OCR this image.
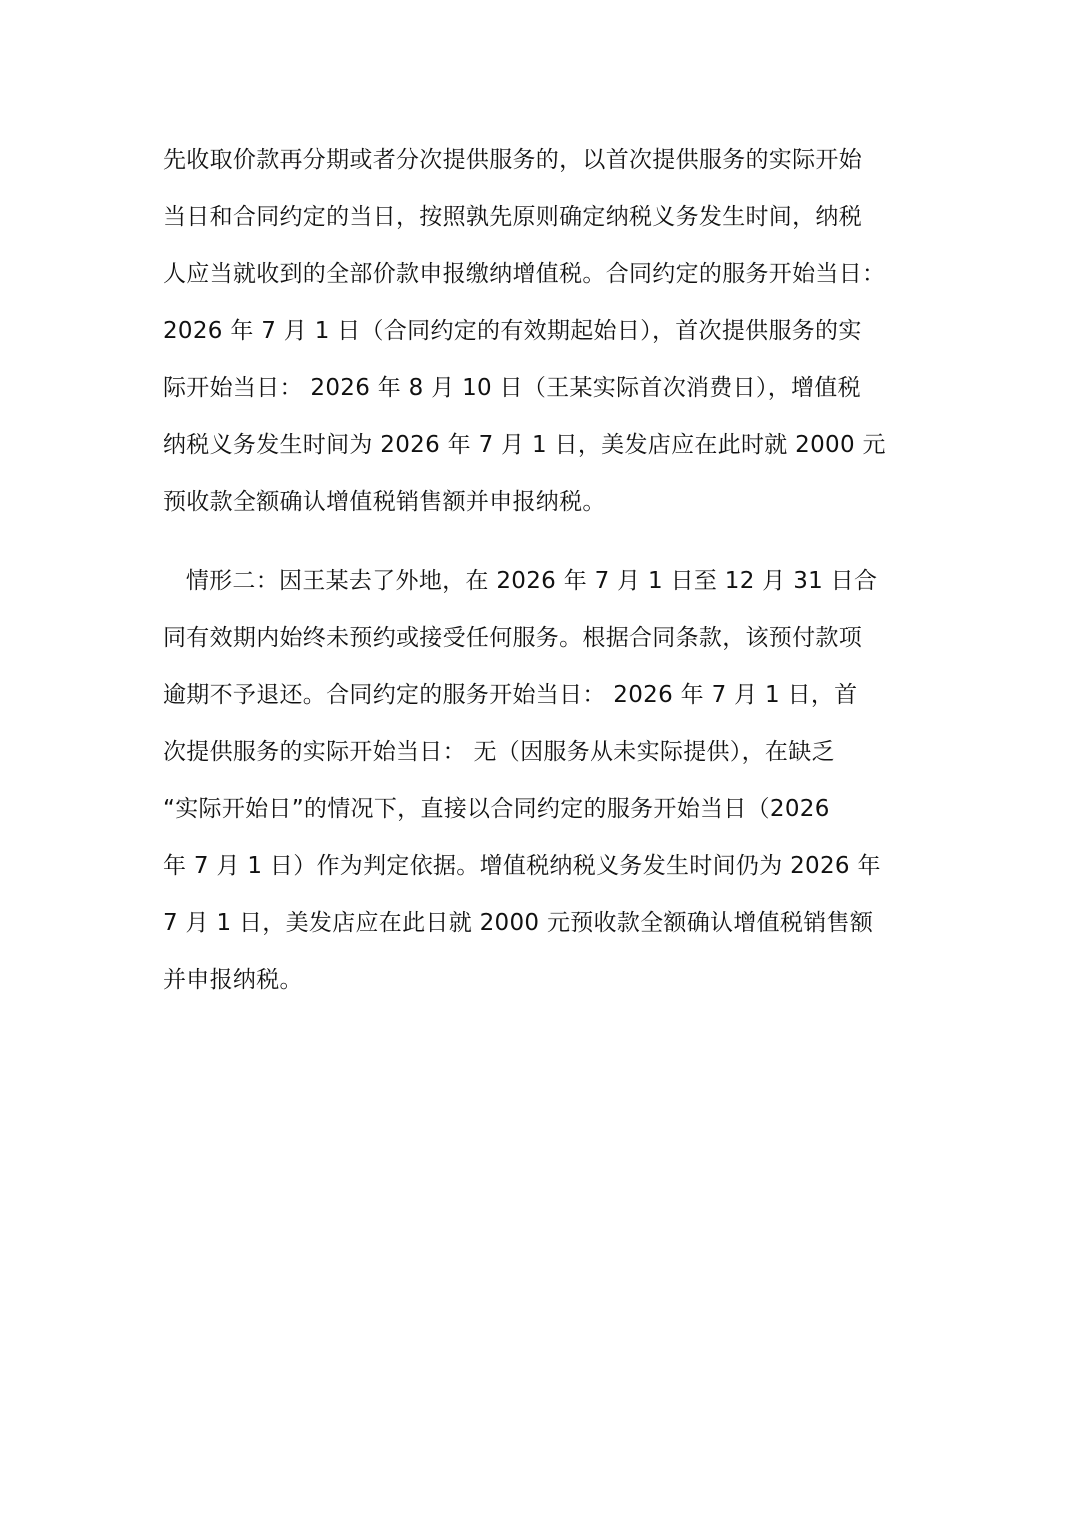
先收取价款再分期或者分次提供服务的，以首次提供服务的实际开始
当日和合同约定的当日，按照孰先原则确定纳税义务发生时间，纳税
人应当就收到的全部价款申报缴纳增值税。合同约定的服务开始当日：
2026 年 7 月 1 日（合同约定的有效期起始日），首次提供服务的实
际开始当日： 2026 年 8 月 10 日（王某实际首次消费日），增值税
纳税义务发生时间为 2026 年 7 月 1 日，美发店应在此时就 2000 元
预收款全额确认增值税销售额并申报纳税。
情形二：因王某去了外地，在 2026 年 7 月 1 日至 12 月 31 日合
同有效期内始终未预约或接受任何服务。根据合同条款，该预付款项
逾期不予退还。合同约定的服务开始当日： 2026 年 7 月 1 日，首
次提供服务的实际开始当日： 无（因服务从未实际提供），在缺乏
“实际开始日”的情况下，直接以合同约定的服务开始当日（2026
年 7 月 1 日）作为判定依据。增值税纳税义务发生时间仍为 2026 年
7 月 1 日，美发店应在此日就 2000 元预收款全额确认增值税销售额
并申报纳税。
